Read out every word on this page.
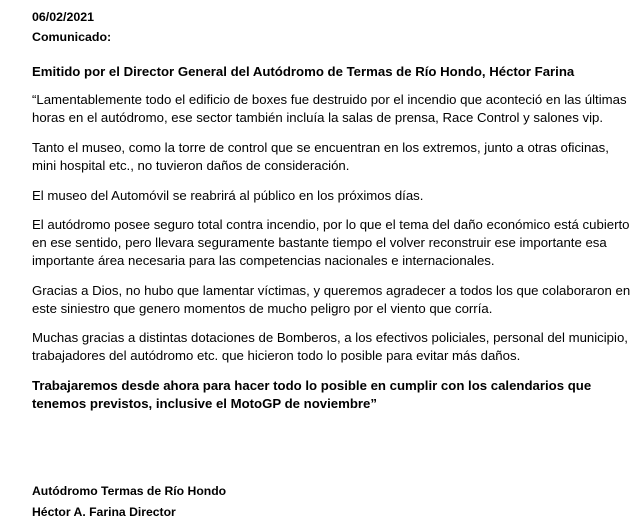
06/02/2021
Comunicado:
Emitido por el Director General del Autódromo de Termas de Río Hondo, Héctor Farina
“Lamentablemente todo el edificio de boxes fue destruido por el incendio que aconteció en las últimas
horas en el autódromo, ese sector también incluía la salas de prensa, Race Control y salones vip.
Tanto el museo, como la torre de control que se encuentran en los extremos, junto a otras oficinas,
mini hospital etc., no tuvieron daños de consideración.
El museo del Automóvil se reabrirá al público en los próximos días.
El autódromo posee seguro total contra incendio, por lo que el tema del daño económico está cubierto
en ese sentido, pero llevara seguramente bastante tiempo el volver reconstruir ese importante esa
importante área necesaria para las competencias nacionales e internacionales.
Gracias a Dios, no hubo que lamentar víctimas, y queremos agradecer a todos los que colaboraron en
este siniestro que genero momentos de mucho peligro por el viento que corría.
Muchas gracias a distintas dotaciones de Bomberos, a los efectivos policiales, personal del municipio,
trabajadores del autódromo etc. que hicieron todo lo posible para evitar más daños.
Trabajaremos desde ahora para hacer todo lo posible en cumplir con los calendarios que
tenemos previstos, inclusive el MotoGP de noviembre”
Autódromo Termas de Río Hondo
Héctor A. Farina Director
